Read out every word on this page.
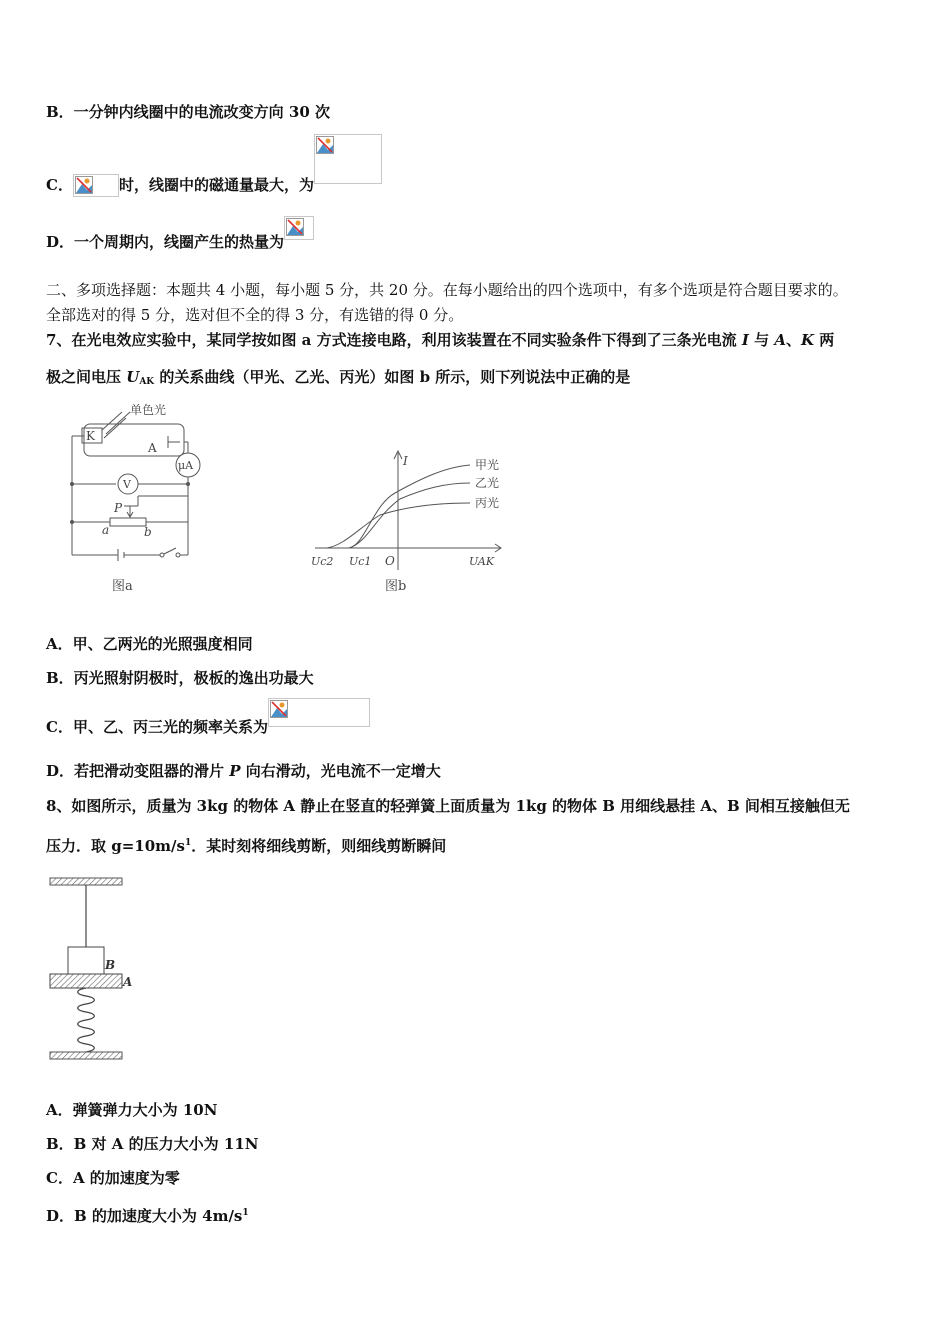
B．一分钟内线圈中的电流改变方向 30 次
C．	时，线圈中的磁通量最大，为
D．一个周期内，线圈产生的热量为
二、多项选择题：本题共 4 小题，每小题 5 分，共 20 分。在每小题给出的四个选项中，有多个选项是符合题目要求的。
全部选对的得 5 分，选对但不全的得 3 分，有选错的得 0 分。
7、在光电效应实验中，某同学按如图 a 方式连接电路，利用该装置在不同实验条件下得到了三条光电流 I 与 A、K 两
极之间电压 $U_{AK}$ 的关系曲线（甲光、乙光、丙光）如图 b 所示，则下列说法中正确的是
单色光
K
A
μA
V
P
a	b
图a
I	甲光
乙光
丙光
Uc2 Uc1 O	UAK
图b
A．甲、乙两光的光照强度相同
B．丙光照射阴极时，极板的逸出功最大
C．甲、乙、丙三光的频率关系为
D．若把滑动变阻器的滑片 P 向右滑动，光电流不一定增大
8、如图所示，质量为 3kg 的物体 A 静止在竖直的轻弹簧上面质量为 1kg 的物体 B 用细线悬挂 A、B 间相互接触但无
压力．取 $g=10m/s^1$．某时刻将细线剪断，则细线剪断瞬间
B
A
A．弹簧弹力大小为 10N
B．B 对 A 的压力大小为 11N
C．A 的加速度为零
D．B 的加速度大小为 $4m/s^1$
